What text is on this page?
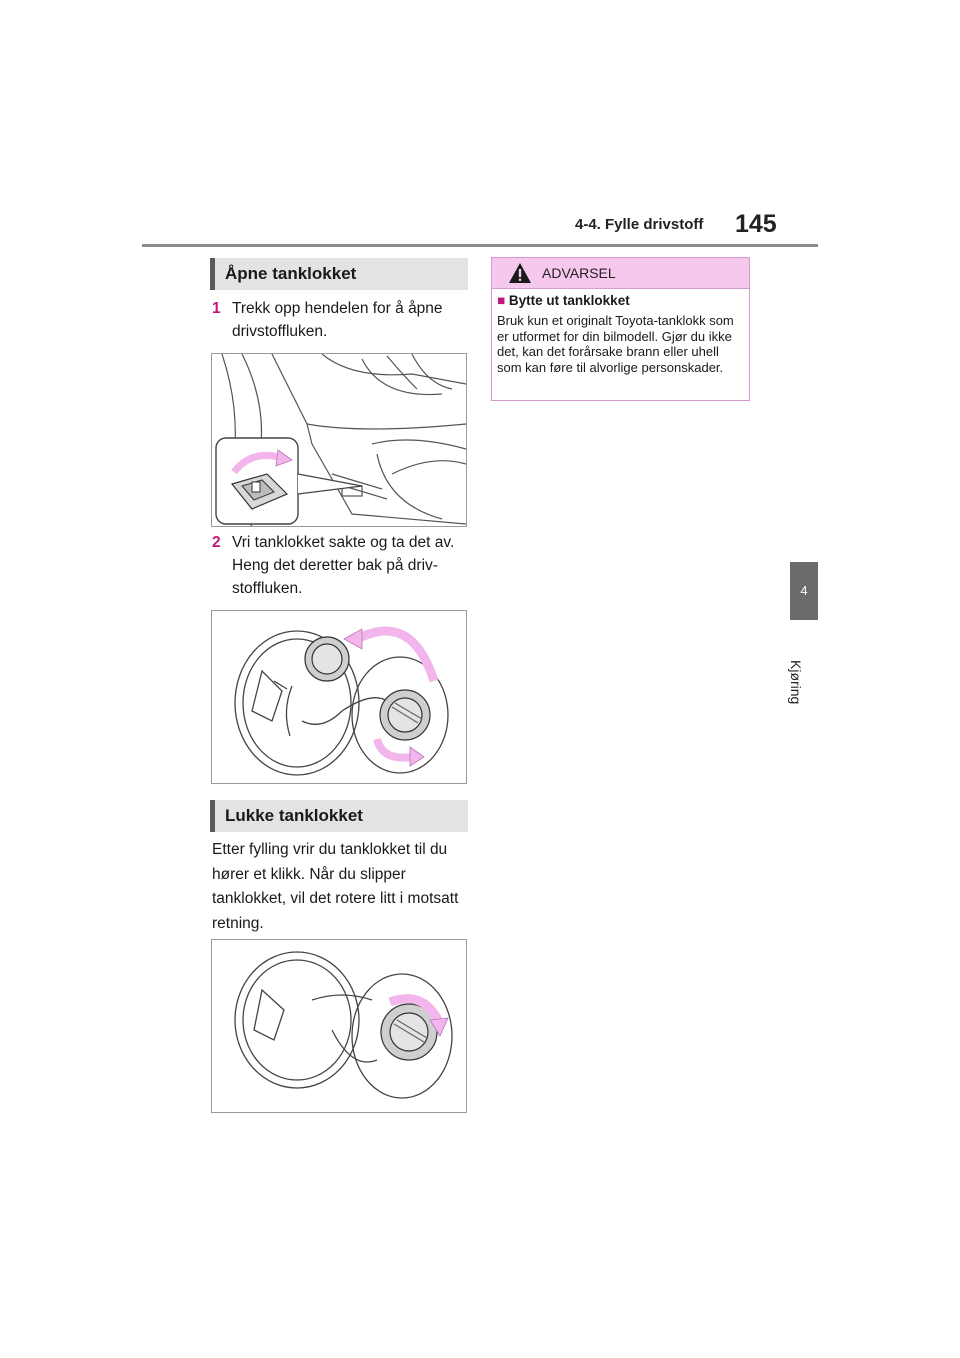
4-4. Fylle drivstoff 145
4
Kjøring
Åpne tanklokket
1 Trekk opp hendelen for å åpne drivstoffluken.
2 Vri tanklokket sakte og ta det av. Heng det deretter bak på driv-stoffluken.
Lukke tanklokket
Etter fylling vrir du tanklokket til du hører et klikk. Når du slipper tanklokket, vil det rotere litt i motsatt retning.
ADVARSEL
■ Bytte ut tanklokket
Bruk kun et originalt Toyota-tanklokk som er utformet for din bilmodell. Gjør du ikke det, kan det forårsake brann eller uhell som kan føre til alvorlige personskader.
